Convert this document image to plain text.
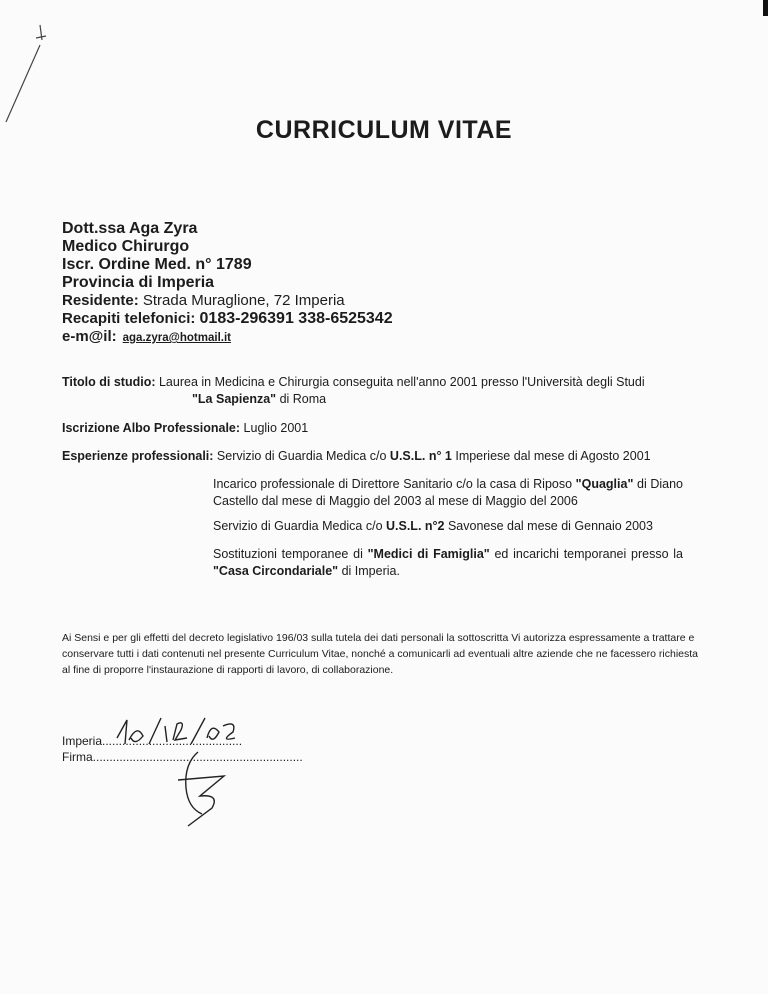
CURRICULUM VITAE
Dott.ssa Aga Zyra
Medico Chirurgo
Iscr. Ordine Med. n° 1789
Provincia di Imperia
Residente: Strada Muraglione, 72 Imperia
Recapiti telefonici: 0183-296391 338-6525342
e-m@il: aga.zyra@hotmail.it
Titolo di studio: Laurea in Medicina e Chirurgia conseguita nell'anno 2001 presso l'Università degli Studi
"La Sapienza" di Roma
Iscrizione Albo Professionale: Luglio 2001
Esperienze professionali: Servizio di Guardia Medica c/o U.S.L. n° 1 Imperiese dal mese di Agosto 2001
Incarico professionale di Direttore Sanitario c/o la casa di Riposo "Quaglia" di Diano Castello dal mese di Maggio del 2003 al mese di Maggio del 2006
Servizio di Guardia Medica c/o U.S.L. n°2 Savonese dal mese di Gennaio 2003
Sostituzioni temporanee di "Medici di Famiglia" ed incarichi temporanei presso la "Casa Circondariale" di Imperia.
Ai Sensi e per gli effetti del decreto legislativo 196/03 sulla tutela dei dati personali la sottoscritta Vi autorizza espressamente a trattare e conservare tutti i dati contenuti nel presente Curriculum Vitae, nonché a comunicarli ad eventuali altre aziende che ne facessero richiesta al fine di proporre l'instaurazione di rapporti di lavoro, di collaborazione.
Imperia..........................................
Firma...............................................................
